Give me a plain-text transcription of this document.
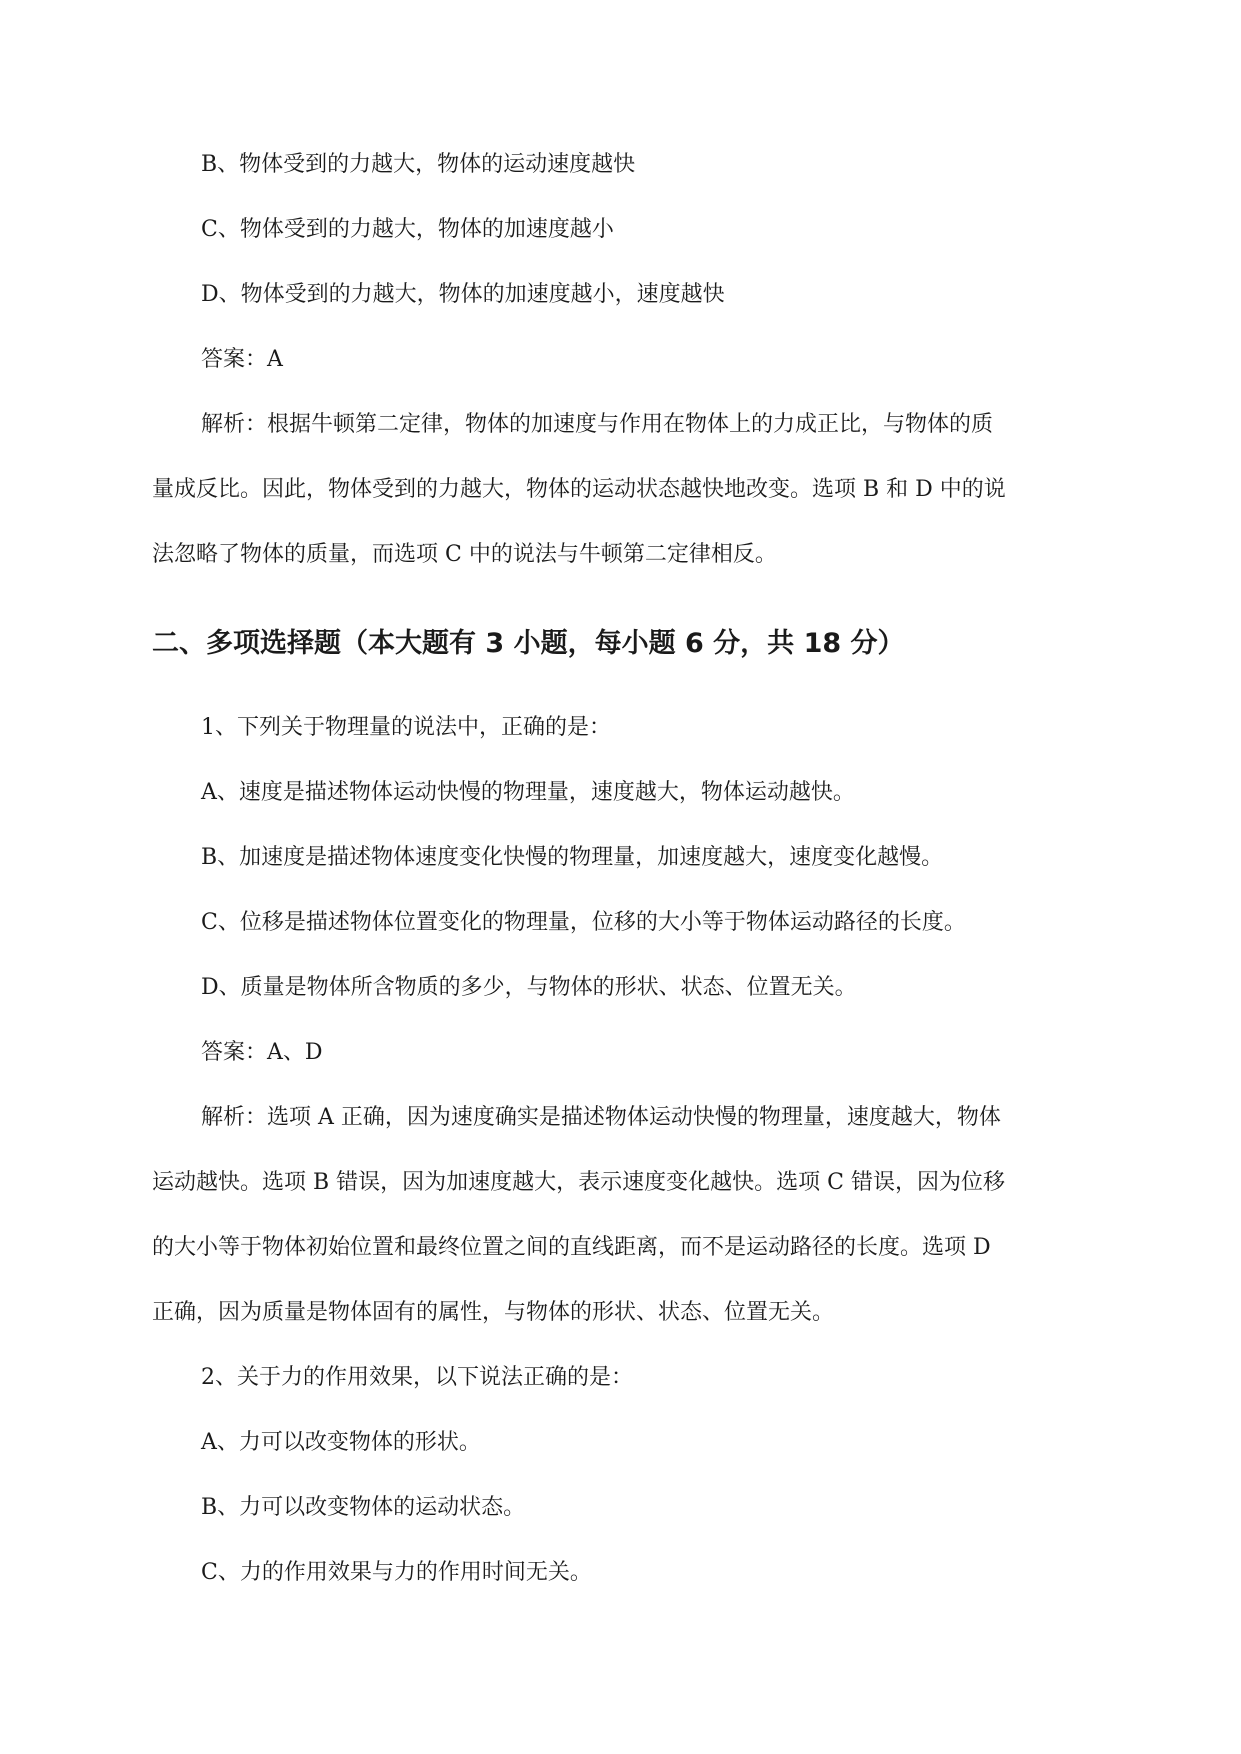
B、物体受到的力越大，物体的运动速度越快
C、物体受到的力越大，物体的加速度越小
D、物体受到的力越大，物体的加速度越小，速度越快
答案：A
解析：根据牛顿第二定律，物体的加速度与作用在物体上的力成正比，与物体的质
量成反比。因此，物体受到的力越大，物体的运动状态越快地改变。选项 B 和 D 中的说
法忽略了物体的质量，而选项 C 中的说法与牛顿第二定律相反。
二、多项选择题（本大题有 3 小题，每小题 6 分，共 18 分）
1、下列关于物理量的说法中，正确的是：
A、速度是描述物体运动快慢的物理量，速度越大，物体运动越快。
B、加速度是描述物体速度变化快慢的物理量，加速度越大，速度变化越慢。
C、位移是描述物体位置变化的物理量，位移的大小等于物体运动路径的长度。
D、质量是物体所含物质的多少，与物体的形状、状态、位置无关。
答案：A、D
解析：选项 A 正确，因为速度确实是描述物体运动快慢的物理量，速度越大，物体
运动越快。选项 B 错误，因为加速度越大，表示速度变化越快。选项 C 错误，因为位移
的大小等于物体初始位置和最终位置之间的直线距离，而不是运动路径的长度。选项 D
正确，因为质量是物体固有的属性，与物体的形状、状态、位置无关。
2、关于力的作用效果，以下说法正确的是：
A、力可以改变物体的形状。
B、力可以改变物体的运动状态。
C、力的作用效果与力的作用时间无关。
